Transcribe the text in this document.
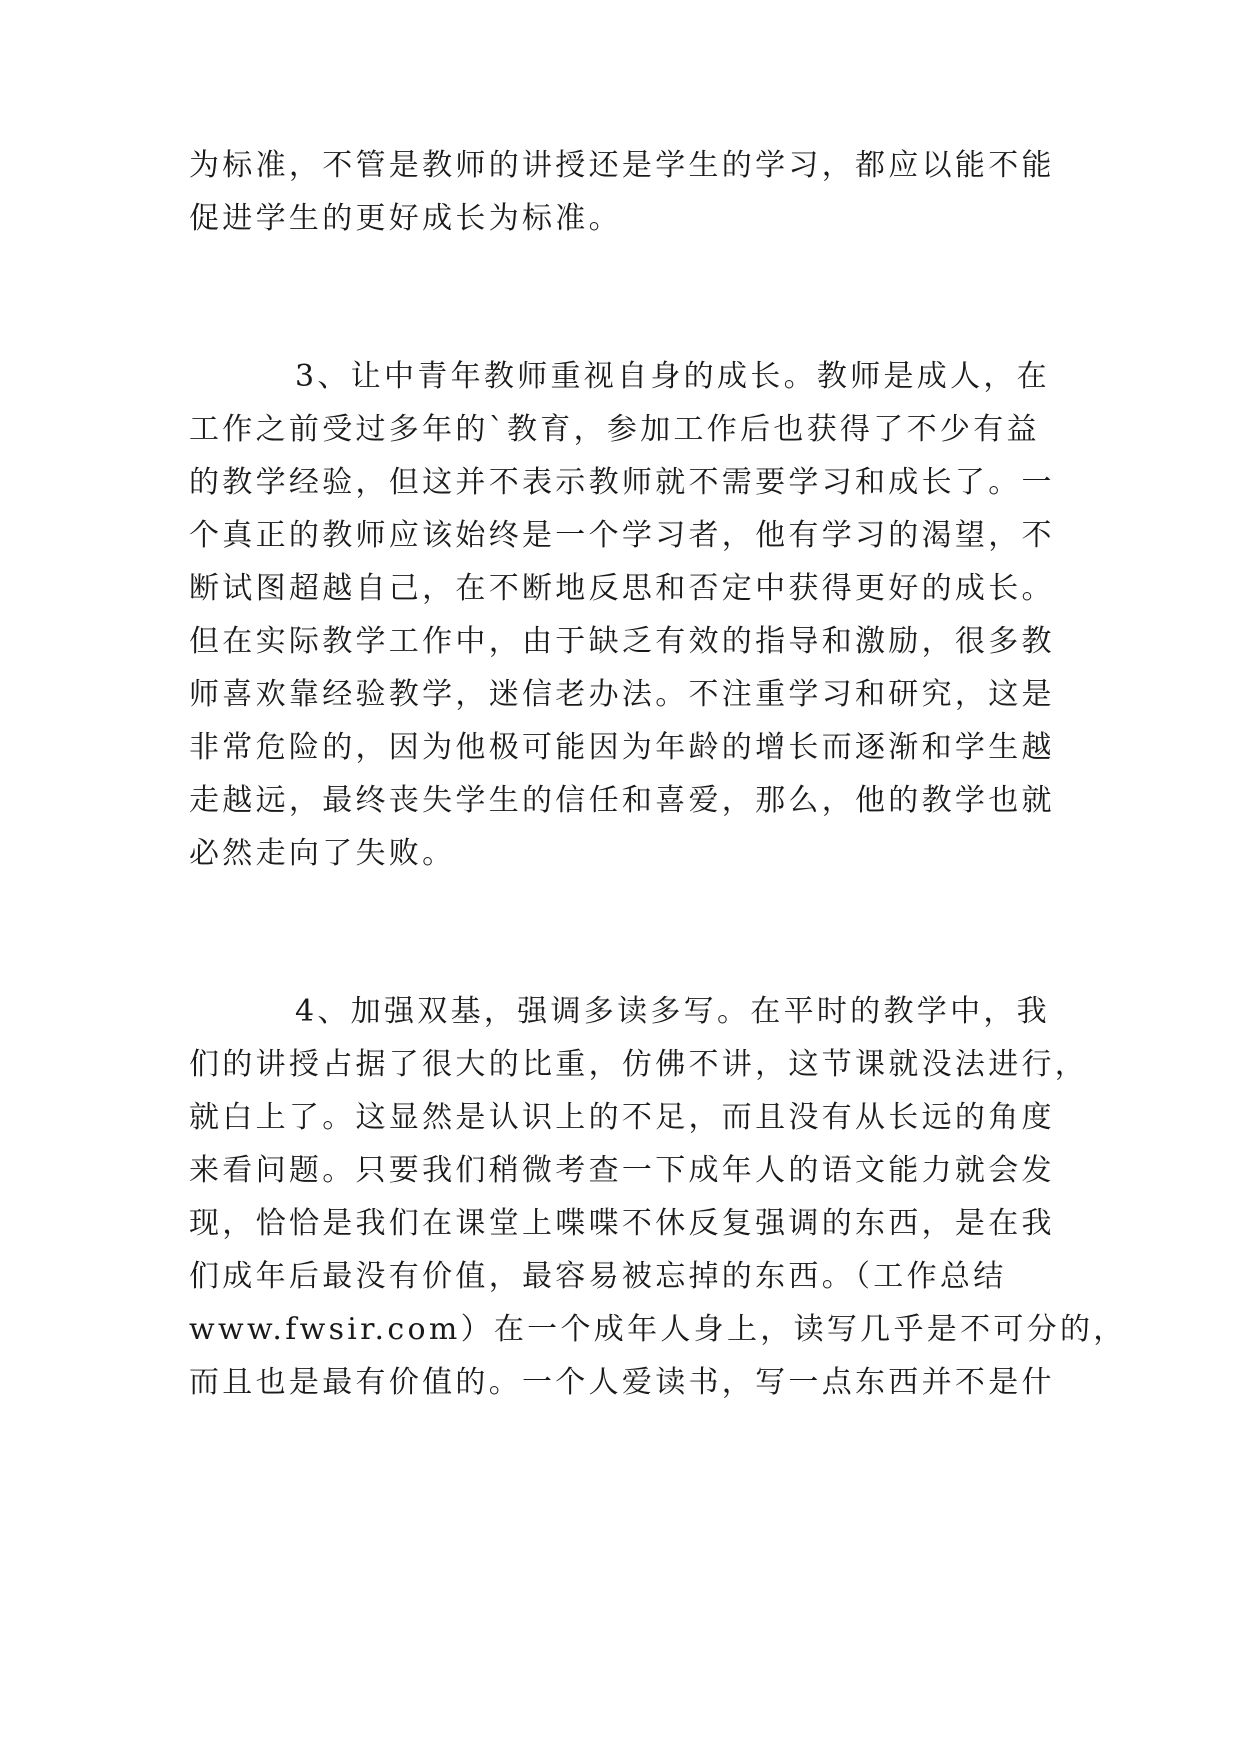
为标准，不管是教师的讲授还是学生的学习，都应以能不能
促进学生的更好成长为标准。
3、让中青年教师重视自身的成长。教师是成人，在
工作之前受过多年的`教育，参加工作后也获得了不少有益
的教学经验，但这并不表示教师就不需要学习和成长了。一
个真正的教师应该始终是一个学习者，他有学习的渴望，不
断试图超越自己，在不断地反思和否定中获得更好的成长。
但在实际教学工作中，由于缺乏有效的指导和激励，很多教
师喜欢靠经验教学，迷信老办法。不注重学习和研究，这是
非常危险的，因为他极可能因为年龄的增长而逐渐和学生越
走越远，最终丧失学生的信任和喜爱，那么，他的教学也就
必然走向了失败。
4、加强双基，强调多读多写。在平时的教学中，我
们的讲授占据了很大的比重，仿佛不讲，这节课就没法进行，
就白上了。这显然是认识上的不足，而且没有从长远的角度
来看问题。只要我们稍微考查一下成年人的语文能力就会发
现，恰恰是我们在课堂上喋喋不休反复强调的东西，是在我
们成年后最没有价值，最容易被忘掉的东西。（工作总结
www.fwsir.com）在一个成年人身上，读写几乎是不可分的，
而且也是最有价值的。一个人爱读书，写一点东西并不是什
